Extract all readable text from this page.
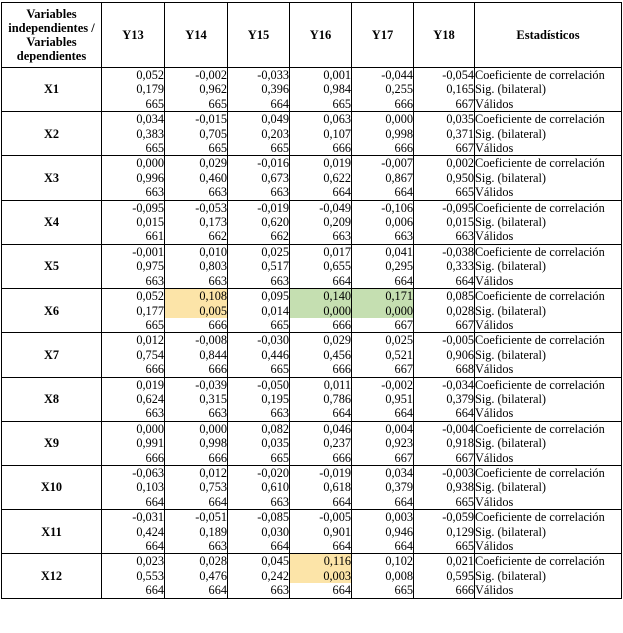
Variables independientes / Variables dependientes	Y13	Y14	Y15	Y16	Y17	Y18	Estadísticos
X1	0,052	-0,002	-0,033	0,001	-0,044	-0,054	Coeficiente de correlación
	0,179	0,962	0,396	0,984	0,255	0,165	Sig. (bilateral)
	665	665	664	665	666	667	Válidos
X2	0,034	-0,015	0,049	0,063	0,000	0,035	Coeficiente de correlación
	0,383	0,705	0,203	0,107	0,998	0,371	Sig. (bilateral)
	665	665	665	666	666	667	Válidos
X3	0,000	0,029	-0,016	0,019	-0,007	0,002	Coeficiente de correlación
	0,996	0,460	0,673	0,622	0,867	0,950	Sig. (bilateral)
	663	663	663	664	664	665	Válidos
X4	-0,095	-0,053	-0,019	-0,049	-0,106	-0,095	Coeficiente de correlación
	0,015	0,173	0,620	0,209	0,006	0,015	Sig. (bilateral)
	661	662	662	663	663	663	Válidos
X5	-0,001	0,010	0,025	0,017	0,041	-0,038	Coeficiente de correlación
	0,975	0,803	0,517	0,655	0,295	0,333	Sig. (bilateral)
	663	663	663	664	664	664	Válidos
X6	0,052	0,108	0,095	0,140	0,171	0,085	Coeficiente de correlación
	0,177	0,005	0,014	0,000	0,000	0,028	Sig. (bilateral)
	665	666	665	666	667	667	Válidos
X7	0,012	-0,008	-0,030	0,029	0,025	-0,005	Coeficiente de correlación
	0,754	0,844	0,446	0,456	0,521	0,906	Sig. (bilateral)
	666	666	665	666	667	668	Válidos
X8	0,019	-0,039	-0,050	0,011	-0,002	-0,034	Coeficiente de correlación
	0,624	0,315	0,195	0,786	0,951	0,379	Sig. (bilateral)
	663	663	663	664	664	664	Válidos
X9	0,000	0,000	0,082	0,046	0,004	-0,004	Coeficiente de correlación
	0,991	0,998	0,035	0,237	0,923	0,918	Sig. (bilateral)
	666	666	665	666	667	667	Válidos
X10	-0,063	0,012	-0,020	-0,019	0,034	-0,003	Coeficiente de correlación
	0,103	0,753	0,610	0,618	0,379	0,938	Sig. (bilateral)
	664	664	663	664	664	665	Válidos
X11	-0,031	-0,051	-0,085	-0,005	0,003	-0,059	Coeficiente de correlación
	0,424	0,189	0,030	0,901	0,946	0,129	Sig. (bilateral)
	664	663	664	664	664	665	Válidos
X12	0,023	0,028	0,045	0,116	0,102	0,021	Coeficiente de correlación
	0,553	0,476	0,242	0,003	0,008	0,595	Sig. (bilateral)
	664	664	663	664	665	666	Válidos
